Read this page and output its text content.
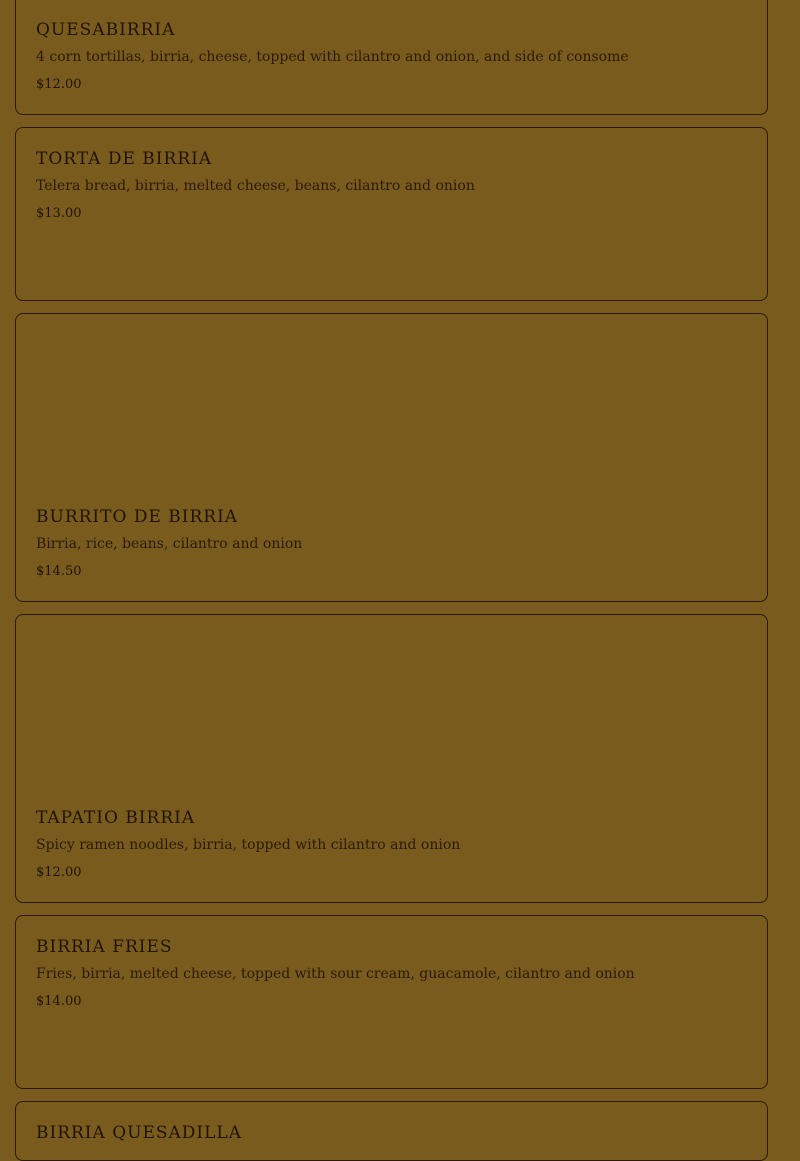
QUESABIRRIA

4 corn tortillas, birria, cheese, topped with cilantro and onion, and side of consome

$12.00
TORTA DE BIRRIA

Telera bread, birria, melted cheese, beans, cilantro and onion

$13.00
BURRITO DE BIRRIA

Birria, rice, beans, cilantro and onion

$14.50
TAPATIO BIRRIA

Spicy ramen noodles, birria, topped with cilantro and onion

$12.00
BIRRIA FRIES

Fries, birria, melted cheese, topped with sour cream, guacamole, cilantro and onion

$14.00
BIRRIA QUESADILLA
